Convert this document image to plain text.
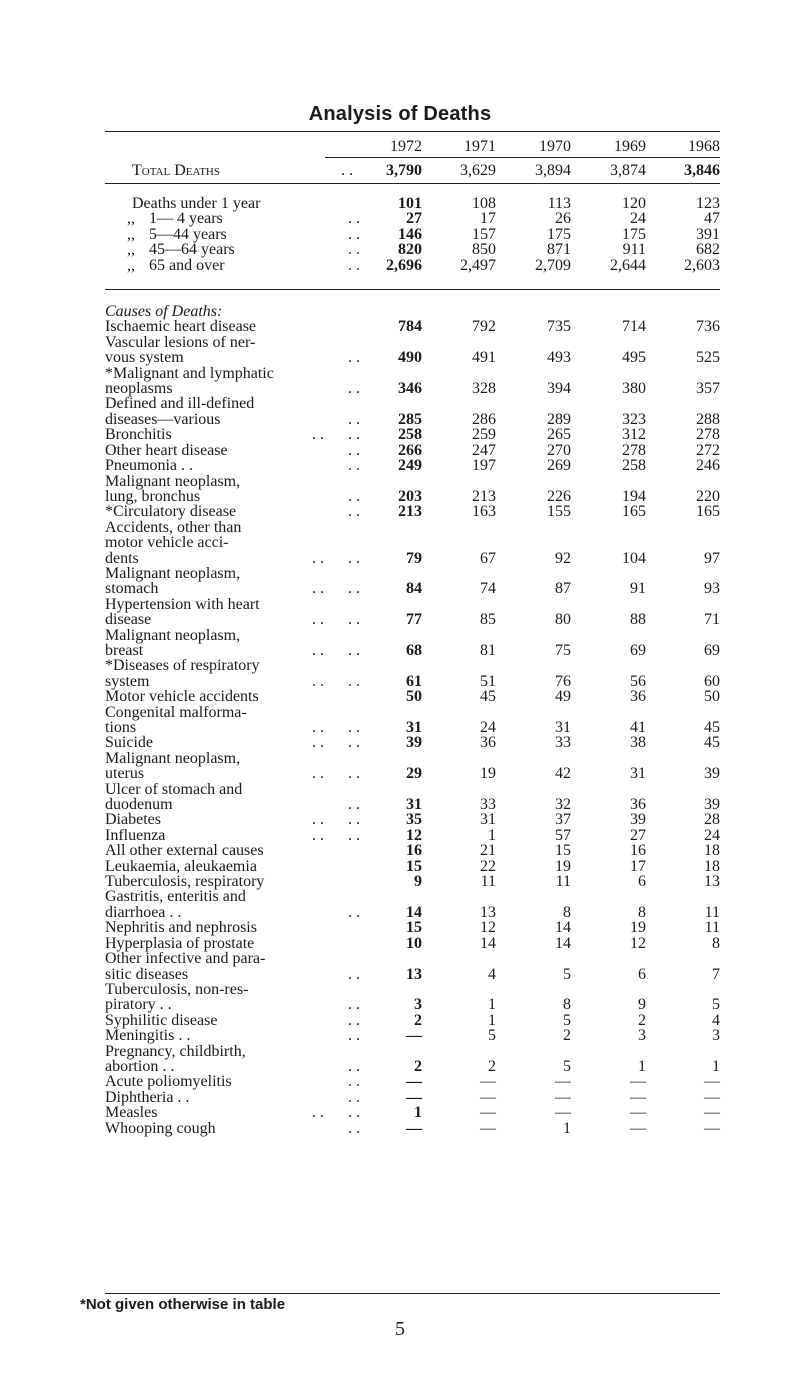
Analysis of Deaths
1972	1971	1970	1969	1968
Total Deaths	. .	3,790	3,629	3,894	3,874	3,846
Deaths under 1 year	101	108	113	120	123

,, 1— 4 years . .	27	17	26	24	47

,, 5—44 years . .	146	157	175	175	391

,, 45—64 years . .	820	850	871	911	682

,, 65 and over . .	2,696	2,497	2,709	2,644	2,603

Causes of Deaths:					

Ischaemic heart disease	784	792	735	714	736

Vascular lesions of ner-
vous system . .	490	491	493	495	525

*Malignant and lymphatic
neoplasms . .	346	328	394	380	357

Defined and ill-defined
diseases—various . .	285	286	289	323	288

Bronchitis . .      . .	258	259	265	312	278

Other heart disease . .	266	247	270	278	272

Pneumonia . . . .	249	197	269	258	246

Malignant neoplasm,
lung, bronchus . .	203	213	226	194	220

*Circulatory disease . .	213	163	155	165	165

Accidents, other than
motor vehicle acci-
dents . .      . .	79	67	92	104	97

Malignant neoplasm,
stomach . .      . .	84	74	87	91	93

Hypertension with heart
disease . .      . .	77	85	80	88	71

Malignant neoplasm,
breast . .      . .	68	81	75	69	69

*Diseases of respiratory
system . .      . .	61	51	76	56	60

Motor vehicle accidents	50	45	49	36	50

Congenital malforma-
tions . .      . .	31	24	31	41	45

Suicide . .      . .	39	36	33	38	45

Malignant neoplasm,
uterus . .      . .	29	19	42	31	39

Ulcer of stomach and
duodenum . .	31	33	32	36	39

Diabetes . .      . .	35	31	37	39	28

Influenza . .      . .	12	1	57	27	24

All other external causes	16	21	15	16	18

Leukaemia, aleukaemia	15	22	19	17	18

Tuberculosis, respiratory	9	11	11	6	13

Gastritis, enteritis and
diarrhoea . . . .	14	13	8	8	11

Nephritis and nephrosis	15	12	14	19	11

Hyperplasia of prostate	10	14	14	12	8

Other infective and para-
sitic diseases . .	13	4	5	6	7

Tuberculosis, non-res-
piratory . . . .	3	1	8	9	5

Syphilitic disease . .	2	1	5	2	4

Meningitis . . . .	—	5	2	3	3

Pregnancy, childbirth,
abortion . . . .	2	2	5	1	1

Acute poliomyelitis . .	—	—	—	—	—

Diphtheria . . . .	—	—	—	—	—

Measles . .      . .	1	—	—	—	—

Whooping cough . .	—	—	1	—	—
*Not given otherwise in table
5
